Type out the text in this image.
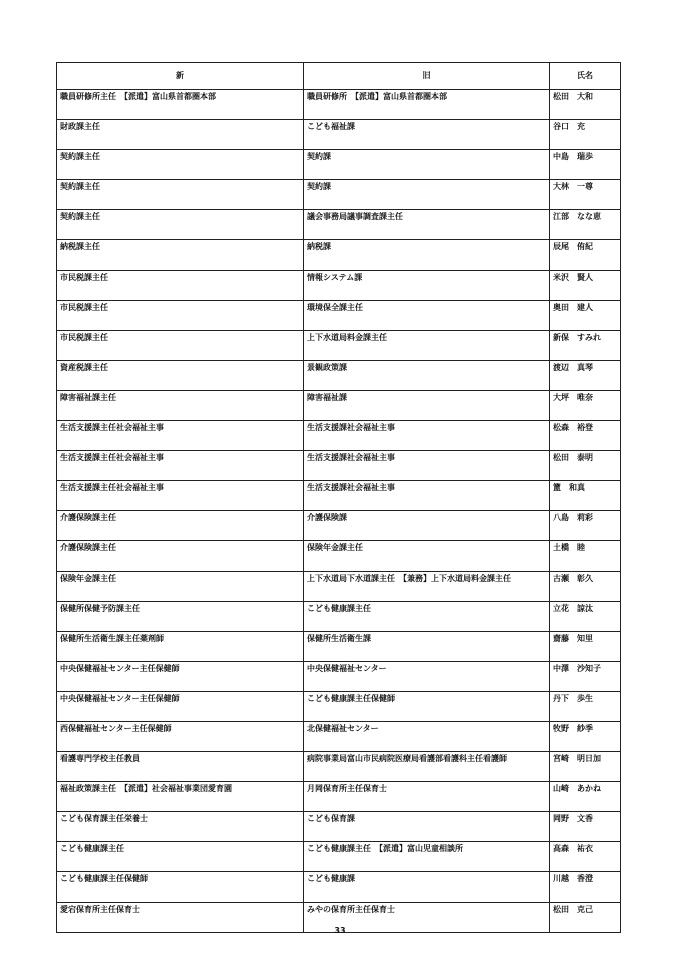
新	旧	氏名
職員研修所主任　【派遣】富山県首都圏本部	職員研修所　【派遣】富山県首都圏本部	松田　大和
財政課主任	こども福祉課	谷口　充
契約課主任	契約課	中島　瑞歩
契約課主任	契約課	大林　一尊
契約課主任	議会事務局議事調査課主任	江部　なな恵
納税課主任	納税課	辰尾　侑紀
市民税課主任	情報システム課	米沢　賢人
市民税課主任	環境保全課主任	奥田　建人
市民税課主任	上下水道局料金課主任	新保　すみれ
資産税課主任	景観政策課	渡辺　真琴
障害福祉課主任	障害福祉課	大坪　唯奈
生活支援課主任社会福祉主事	生活支援課社会福祉主事	松森　裕登
生活支援課主任社会福祉主事	生活支援課社会福祉主事	松田　泰明
生活支援課主任社会福祉主事	生活支援課社会福祉主事	簠　和真
介護保険課主任	介護保険課	八島　莉彩
介護保険課主任	保険年金課主任	土橋　睦
保険年金課主任	上下水道局下水道課主任　【兼務】上下水道局料金課主任	古瀬　彰久
保健所保健予防課主任	こども健康課主任	立花　諒汰
保健所生活衛生課主任薬剤師	保健所生活衛生課	齋藤　知里
中央保健福祉センター主任保健師	中央保健福祉センター	中澤　沙知子
中央保健福祉センター主任保健師	こども健康課主任保健師	丹下　歩生
西保健福祉センター主任保健師	北保健福祉センター	牧野　紗季
看護専門学校主任教員	病院事業局富山市民病院医療局看護部看護科主任看護師	宮崎　明日加
福祉政策課主任　【派遣】社会福祉事業団愛育園	月岡保育所主任保育士	山崎　あかね
こども保育課主任栄養士	こども保育課	岡野　文香
こども健康課主任	こども健康課主任　【派遣】富山児童相談所	高森　祐衣
こども健康課主任保健師	こども健康課	川越　香澄
愛宕保育所主任保育士	みやの保育所主任保育士	松田　克己
33
